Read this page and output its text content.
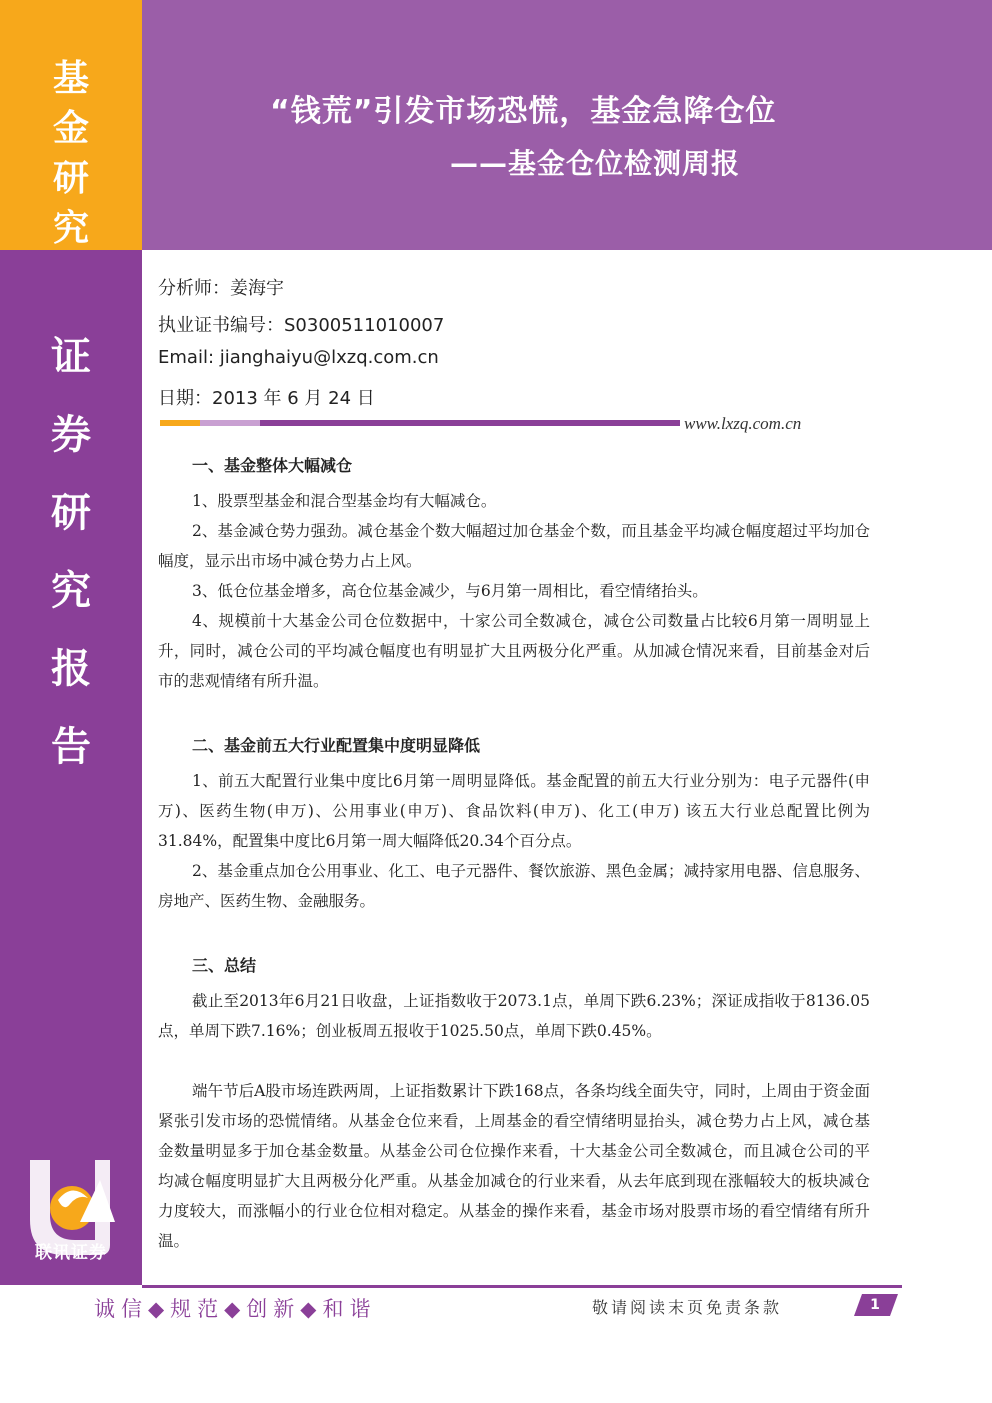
基
金
研
究
证
券
研
究
报
告
“钱荒”引发市场恐慌，基金急降仓位
——基金仓位检测周报
分析师：姜海宇
执业证书编号：S0300511010007
Email: jianghaiyu@lxzq.com.cn
日期：2013 年 6 月 24 日
www.lxzq.com.cn
一、基金整体大幅减仓

1、股票型基金和混合型基金均有大幅减仓。

2、基金减仓势力强劲。减仓基金个数大幅超过加仓基金个数，而且基金平均减仓幅度超过平均加仓幅度，显示出市场中减仓势力占上风。

3、低仓位基金增多，高仓位基金减少，与6月第一周相比，看空情绪抬头。

4、规模前十大基金公司仓位数据中，十家公司全数减仓，减仓公司数量占比较6月第一周明显上升，同时，减仓公司的平均减仓幅度也有明显扩大且两极分化严重。从加减仓情况来看，目前基金对后市的悲观情绪有所升温。

二、基金前五大行业配置集中度明显降低

1、前五大配置行业集中度比6月第一周明显降低。基金配置的前五大行业分别为：电子元器件(申万)、医药生物(申万)、公用事业(申万)、食品饮料(申万)、化工(申万) 该五大行业总配置比例为31.84%，配置集中度比6月第一周大幅降低20.34个百分点。

2、基金重点加仓公用事业、化工、电子元器件、餐饮旅游、黑色金属；减持家用电器、信息服务、房地产、医药生物、金融服务。

三、总结

截止至2013年6月21日收盘，上证指数收于2073.1点，单周下跌6.23%；深证成指收于8136.05点，单周下跌7.16%；创业板周五报收于1025.50点，单周下跌0.45%。

端午节后A股市场连跌两周，上证指数累计下跌168点，各条均线全面失守，同时，上周由于资金面紧张引发市场的恐慌情绪。从基金仓位来看，上周基金的看空情绪明显抬头，减仓势力占上风，减仓基金数量明显多于加仓基金数量。从基金公司仓位操作来看，十大基金公司全数减仓，而且减仓公司的平均减仓幅度明显扩大且两极分化严重。从基金加减仓的行业来看，从去年底到现在涨幅较大的板块减仓力度较大，而涨幅小的行业仓位相对稳定。从基金的操作来看，基金市场对股票市场的看空情绪有所升温。

联讯证券
诚信◆规范◆创新◆和谐	敬请阅读末页免责条款	1
